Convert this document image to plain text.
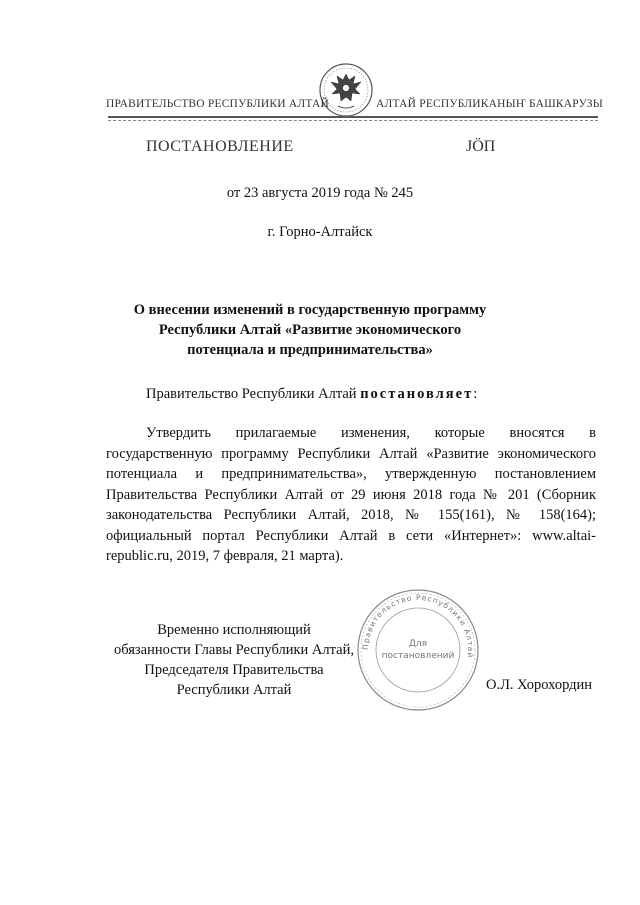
ПРАВИТЕЛЬСТВО РЕСПУБЛИКИ АЛТАЙ	АЛТАЙ РЕСПУБЛИКАНЫҤ БАШКАРУЗЫ
ПОСТАНОВЛЕНИЕ	ЈӦП
от 23 августа 2019 года № 245
г. Горно-Алтайск
О внесении изменений в государственную программу Республики Алтай «Развитие экономического потенциала и предпринимательства»
Правительство Республики Алтай постановляет:

Утвердить прилагаемые изменения, которые вносятся в государственную программу Республики Алтай «Развитие экономического потенциала и предпринимательства», утвержденную постановлением Правительства Республики Алтай от 29 июня 2018 года № 201 (Сборник законодательства Республики Алтай, 2018, № 155(161), № 158(164); официальный портал Республики Алтай в сети «Интернет»: www.altai-republic.ru, 2019, 7 февраля, 21 марта).

Временно исполняющий
обязанности Главы Республики Алтай,
Председателя Правительства
Республики Алтай
Правительство Республики Алтай
Для
постановлений
О.Л. Хорохордин
